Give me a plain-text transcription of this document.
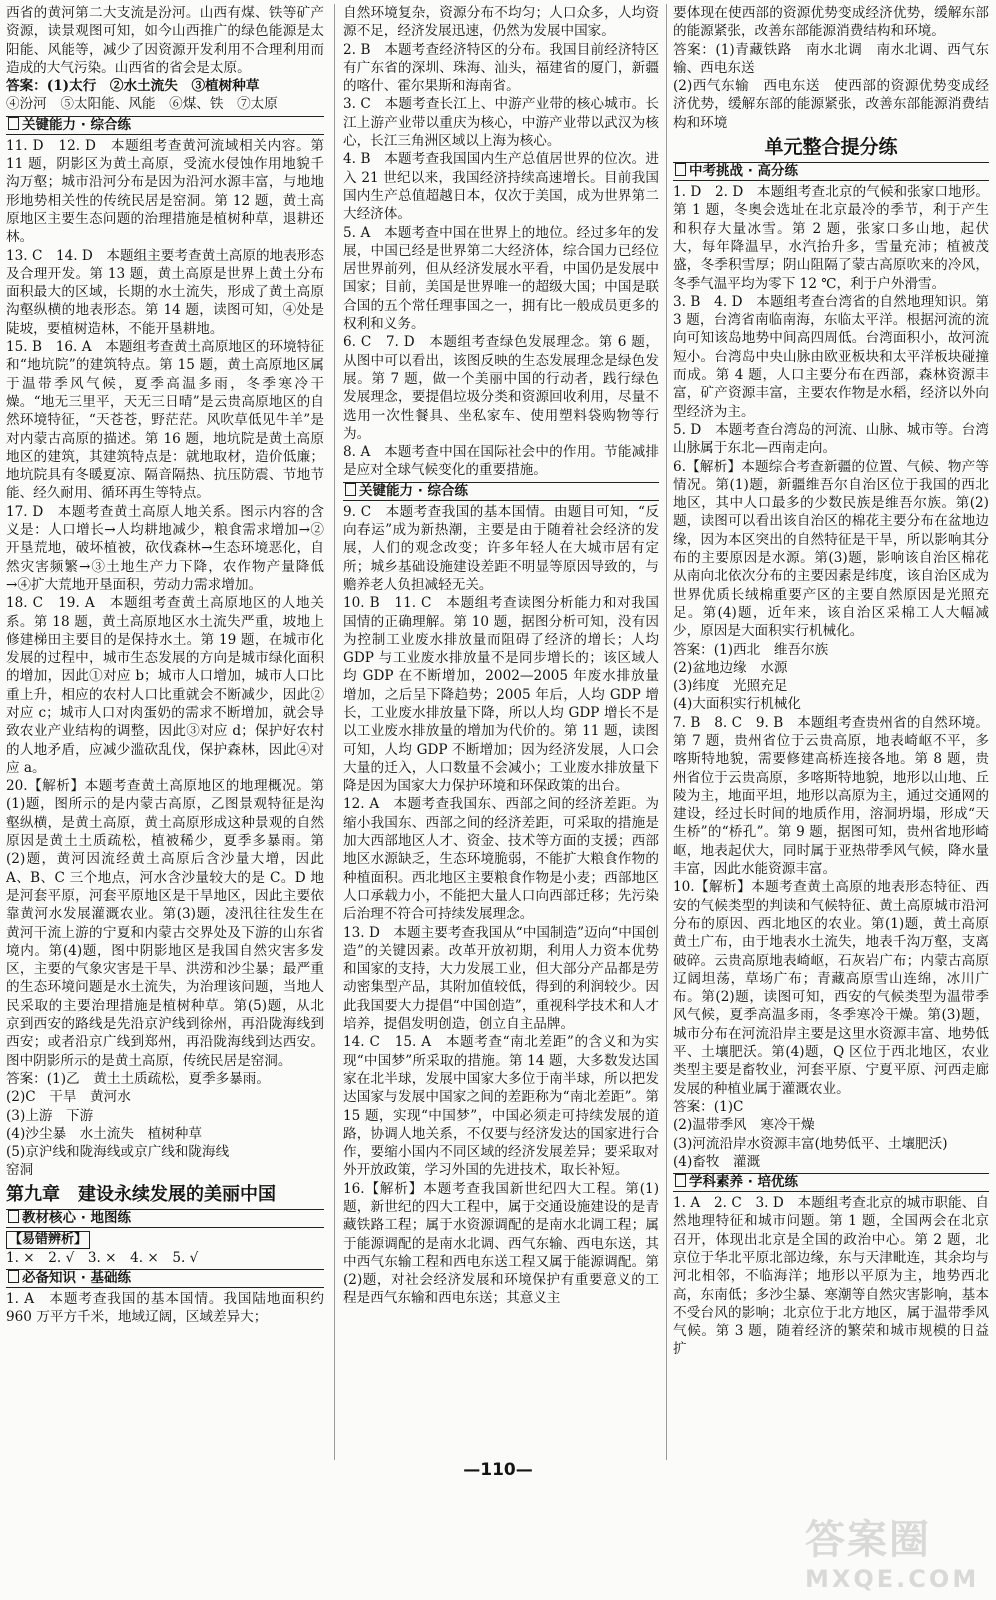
西省的黄河第二大支流是汾河。山西有煤、铁等矿产资源，读景观图可知，如今山西推广的绿色能源是太阳能、风能等，减少了因资源开发利用不合理利用而造成的大气污染。山西省的省会是太原。

答案：(1)太行　②水土流失　③植树种草

④汾河　⑤太阳能、风能　⑥煤、铁　⑦太原

关键能力 · 综合练

11. D　12. D　本题组考查黄河流域相关内容。第 11 题，阴影区为黄土高原，受流水侵蚀作用地貌千沟万壑；城市沿河分布是因为沿河水源丰富，与地地形地势相关性的传统民居是窑洞。第 12 题，黄土高原地区主要生态问题的治理措施是植树种草，退耕还林。

13. C　14. D　本题组主要考查黄土高原的地表形态及合理开发。第 13 题，黄土高原是世界上黄土分布面积最大的区域，长期的水土流失，形成了黄土高原沟壑纵横的地表形态。第 14 题，读图可知，④处是陡坡，要植树造林，不能开垦耕地。

15. B　16. A　本题组考查黄土高原地区的环境特征和“地坑院”的建筑特点。第 15 题，黄土高原地区属于温带季风气候，夏季高温多雨，冬季寒冷干燥。“地无三里平，天无三日晴”是云贵高原地区的自然环境特征，“天苍苍，野茫茫。风吹草低见牛羊”是对内蒙古高原的描述。第 16 题，地坑院是黄土高原地区的建筑，其建筑特点是：就地取材，造价低廉；地坑院具有冬暖夏凉、隔音隔热、抗压防震、节地节能、经久耐用、循环再生等特点。

17. D　本题考查黄土高原人地关系。图示内容的含义是：人口增长→人均耕地减少，粮食需求增加→②开垦荒地，破坏植被，砍伐森林→生态环境恶化，自然灾害频繁→③土地生产力下降，农作物产量降低→④扩大荒地开垦面积，劳动力需求增加。

18. C　19. A　本题组考查黄土高原地区的人地关系。第 18 题，黄土高原地区水土流失严重，坡地上修建梯田主要目的是保持水土。第 19 题，在城市化发展的过程中，城市生态发展的方向是城市绿化面积的增加，因此①对应 b；城市人口增加，城市人口比重上升，相应的农村人口比重就会不断减少，因此②对应 c；城市人口对肉蛋奶的需求不断增加，就会导致农业产业结构的调整，因此③对应 d；保护好农村的人地矛盾，应减少滥砍乱伐，保护森林，因此④对应 a。

20.【解析】本题考查黄土高原地区的地理概况。第(1)题，图所示的是内蒙古高原，乙图景观特征是沟壑纵横，是黄土高原，黄土高原形成这种景观的自然原因是黄土土质疏松，植被稀少，夏季多暴雨。第(2)题，黄河因流经黄土高原后含沙量大增，因此 A、B、C 三个地点，河水含沙量较大的是 C。D 地是河套平原，河套平原地区是干旱地区，因此主要依靠黄河水发展灌溉农业。第(3)题，凌汛往往发生在黄河干流上游的宁夏和内蒙古交界处及下游的山东省境内。第(4)题，图中阴影地区是我国自然灾害多发区，主要的气象灾害是干旱、洪涝和沙尘暴；最严重的生态环境问题是水土流失，为治理该问题，当地人民采取的主要治理措施是植树种草。第(5)题，从北京到西安的路线是先沿京沪线到徐州，再沿陇海线到西安；或者沿京广线到郑州，再沿陇海线到达西安。图中阴影所示的是黄土高原，传统民居是窑洞。

答案：(1)乙　黄土土质疏松，夏季多暴雨。

(2)C　干旱　黄河水

(3)上游　下游

(4)沙尘暴　水土流失　植树种草

(5)京沪线和陇海线或京广线和陇海线

窑洞

第九章　建设永续发展的美丽中国
教材核心 · 地图练

【易错辨析】

1. ×　2. √　3. ×　4. ×　5. √

必备知识 · 基础练

1. A　本题考查我国的基本国情。我国陆地面积约 960 万平方千米，地域辽阔，区域差异大；

自然环境复杂，资源分布不均匀；人口众多，人均资源不足，经济发展迅速，仍然为发展中国家。

2. B　本题考查经济特区的分布。我国目前经济特区有广东省的深圳、珠海、汕头，福建省的厦门，新疆的喀什、霍尔果斯和海南省。

3. C　本题考查长江上、中游产业带的核心城市。长江上游产业带以重庆为核心，中游产业带以武汉为核心，长江三角洲区域以上海为核心。

4. B　本题考查我国国内生产总值居世界的位次。进入 21 世纪以来，我国经济持续高速增长。目前我国国内生产总值超越日本，仅次于美国，成为世界第二大经济体。

5. A　本题考查中国在世界上的地位。经过多年的发展，中国已经是世界第二大经济体，综合国力已经位居世界前列，但从经济发展水平看，中国仍是发展中国家；目前，美国是世界唯一的超级大国；中国是联合国的五个常任理事国之一，拥有比一般成员更多的权利和义务。

6. C　7. D　本题组考查绿色发展理念。第 6 题，从图中可以看出，该图反映的生态发展理念是绿色发展。第 7 题，做一个美丽中国的行动者，践行绿色发展理念，要提倡垃圾分类和资源回收利用，尽量不选用一次性餐具、坐私家车、使用塑料袋购物等行为。

8. A　本题考查中国在国际社会中的作用。节能减排是应对全球气候变化的重要措施。

关键能力 · 综合练

9. C　本题考查我国的基本国情。由题目可知，“反向春运”成为新热潮，主要是由于随着社会经济的发展，人们的观念改变；许多年轻人在大城市居有定所；城乡基础设施建设差距不明显等原因导致的，与赡养老人负担减轻无关。

10. B　11. C　本题组考查读图分析能力和对我国国情的正确理解。第 10 题，据图分析可知，没有因为控制工业废水排放量而阻碍了经济的增长；人均 GDP 与工业废水排放量不是同步增长的；该区域人均 GDP 在不断增加，2002—2005 年废水排放量增加，之后呈下降趋势；2005 年后，人均 GDP 增长，工业废水排放量下降，所以人均 GDP 增长不是以工业废水排放量的增加为代价的。第 11 题，读图可知，人均 GDP 不断增加；因为经济发展，人口会大量的迁入，人口数量不会减小；工业废水排放量下降是因为国家大力保护环境和环保政策的出台。

12. A　本题考查我国东、西部之间的经济差距。为缩小我国东、西部之间的经济差距，可采取的措施是加大西部地区人才、资金、技术等方面的支援；西部地区水源缺乏，生态环境脆弱，不能扩大粮食作物的种植面积。西北地区主要粮食作物是小麦；西部地区人口承载力小，不能把大量人口向西部迁移；先污染后治理不符合可持续发展理念。

13. D　本题主要考查我国从“中国制造”迈向“中国创造”的关键因素。改革开放初期，利用人力资本优势和国家的支持，大力发展工业，但大部分产品都是劳动密集型产品，其附加值较低，得到的利润较少。因此我国要大力提倡“中国创造”，重视科学技术和人才培养，提倡发明创造，创立自主品牌。

14. C　15. A　本题考查“南北差距”的含义和为实现“中国梦”所采取的措施。第 14 题，大多数发达国家在北半球，发展中国家大多位于南半球，所以把发达国家与发展中国家之间的差距称为“南北差距”。第 15 题，实现“中国梦”，中国必须走可持续发展的道路，协调人地关系，不仅要与经济发达的国家进行合作，要缩小国内不同区域的经济发展差异；要采取对外开放政策，学习外国的先进技术，取长补短。

16.【解析】本题考查我国新世纪四大工程。第(1)题，新世纪的四大工程中，属于交通设施建设的是青藏铁路工程；属于水资源调配的是南水北调工程；属于能源调配的是南水北调、西气东输、西电东送，其中西气东输工程和西电东送工程又属于能源调配。第(2)题，对社会经济发展和环境保护有重要意义的工程是西气东输和西电东送；其意义主

要体现在使西部的资源优势变成经济优势，缓解东部的能源紧张，改善东部能源消费结构和环境。

答案：(1)青藏铁路　南水北调　南水北调、西气东输、西电东送

(2)西气东输　西电东送　使西部的资源优势变成经济优势，缓解东部的能源紧张，改善东部能源消费结构和环境

单元整合提分练
中考挑战 · 高分练

1. D　2. D　本题组考查北京的气候和张家口地形。第 1 题，冬奥会选址在北京最冷的季节，利于产生和积存大量冰雪。第 2 题，张家口多山地，起伏大，每年降温早，水汽抬升多，雪量充沛；植被茂盛，冬季积雪厚；阴山阻隔了蒙古高原吹来的冷风，冬季气温平均为零下 12 ℃，利于户外滑雪。

3. B　4. D　本题组考查台湾省的自然地理知识。第 3 题，台湾省南临南海，东临太平洋。根据河流的流向可知该岛地势中间高四周低。台湾面积小，故河流短小。台湾岛中央山脉由欧亚板块和太平洋板块碰撞而成。第 4 题，人口主要分布在西部，森林资源丰富，矿产资源丰富，主要农作物是水稻，经济以外向型经济为主。

5. D　本题考查台湾岛的河流、山脉、城市等。台湾山脉属于东北—西南走向。

6.【解析】本题综合考查新疆的位置、气候、物产等情况。第(1)题，新疆维吾尔自治区位于我国的西北地区，其中人口最多的少数民族是维吾尔族。第(2)题，读图可以看出该自治区的棉花主要分布在盆地边缘，因为本区突出的自然特征是干旱，所以影响其分布的主要原因是水源。第(3)题，影响该自治区棉花从南向北依次分布的主要因素是纬度，该自治区成为世界优质长绒棉重要产区的主要自然原因是光照充足。第(4)题，近年来，该自治区采棉工人大幅减少，原因是大面积实行机械化。

答案：(1)西北　维吾尔族

(2)盆地边缘　水源

(3)纬度　光照充足

(4)大面积实行机械化

7. B　8. C　9. B　本题组考查贵州省的自然环境。第 7 题，贵州省位于云贵高原，地表崎岖不平，多喀斯特地貌，需要修建高桥连接各地。第 8 题，贵州省位于云贵高原，多喀斯特地貌，地形以山地、丘陵为主，地面平坦，地形以高原为主，通过交通网的建设，经过长时间的地质作用，溶洞坍塌，形成“天生桥”的“桥孔”。第 9 题，据图可知，贵州省地形崎岖，地表起伏大，同时属于亚热带季风气候，降水量丰富，因此水能资源丰富。

10.【解析】本题考查黄土高原的地表形态特征、西安的气候类型的判读和气候特征、黄土高原城市沿河分布的原因、西北地区的农业。第(1)题，黄土高原黄土广布，由于地表水土流失，地表千沟万壑，支离破碎。云贵高原地表崎岖，石灰岩广布；内蒙古高原辽阔坦荡，草场广布；青藏高原雪山连绵，冰川广布。第(2)题，读图可知，西安的气候类型为温带季风气候，夏季高温多雨，冬季寒冷干燥。第(3)题，城市分布在河流沿岸主要是这里水资源丰富、地势低平、土壤肥沃。第(4)题，Q 区位于西北地区，农业类型主要是畜牧业，河套平原、宁夏平原、河西走廊发展的种植业属于灌溉农业。

答案：(1)C

(2)温带季风　寒冷干燥

(3)河流沿岸水资源丰富(地势低平、土壤肥沃)

(4)畜牧　灌溉

学科素养 · 培优练

1. A　2. C　3. D　本题组考查北京的城市职能、自然地理特征和城市问题。第 1 题，全国两会在北京召开，体现出北京是全国的政治中心。第 2 题，北京位于华北平原北部边缘，东与天津毗连，其余均与河北相邻，不临海洋；地形以平原为主，地势西北高，东南低；多沙尘暴、寒潮等自然灾害影响，基本不受台风的影响；北京位于北方地区，属于温带季风气候。第 3 题，随着经济的繁荣和城市规模的日益扩

—110—
答案圈
MXQE.COM
